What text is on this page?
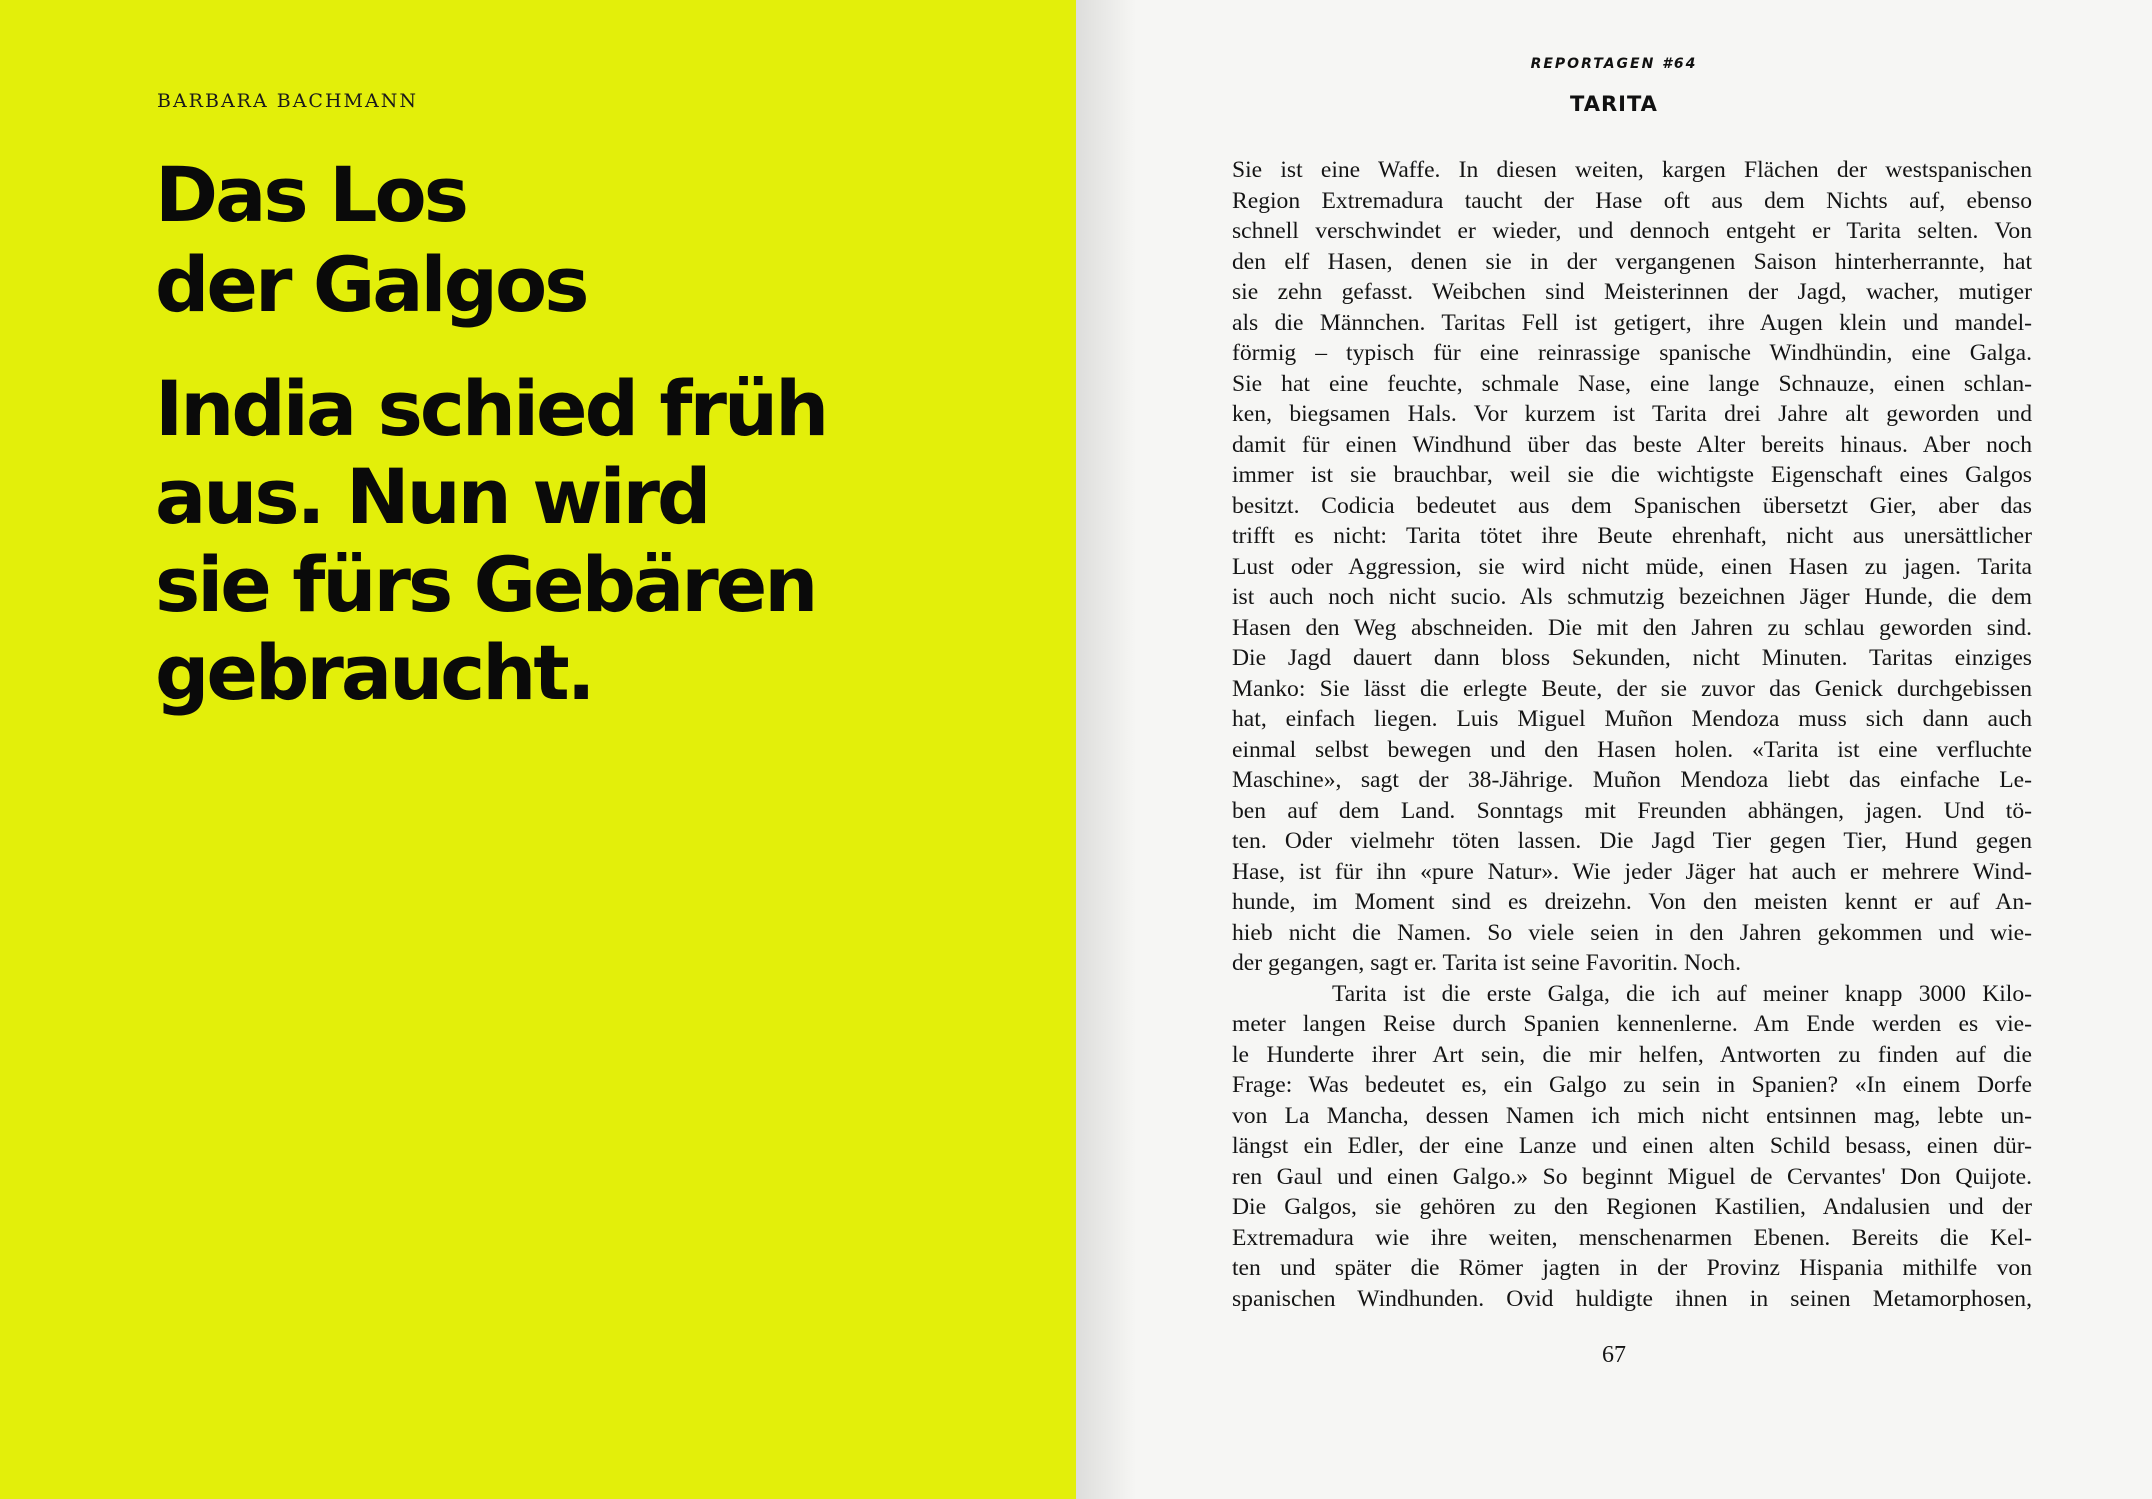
BARBARA BACHMANN

Das Los
der Galgos
India schied früh
aus. Nun wird
sie fürs Gebären
gebraucht.
REPORTAGEN #64
TARITA
Sie ist eine Waffe. In diesen weiten, kargen Flächen der westspanischen
Region Extremadura taucht der Hase oft aus dem Nichts auf, ebenso
schnell verschwindet er wieder, und dennoch entgeht er Tarita selten. Von
den elf Hasen, denen sie in der vergangenen Saison hinterherrannte, hat
sie zehn gefasst. Weibchen sind Meisterinnen der Jagd, wacher, mutiger
als die Männchen. Taritas Fell ist getigert, ihre Augen klein und mandel-
förmig – typisch für eine reinrassige spanische Windhündin, eine Galga.
Sie hat eine feuchte, schmale Nase, eine lange Schnauze, einen schlan-
ken, biegsamen Hals. Vor kurzem ist Tarita drei Jahre alt geworden und
damit für einen Windhund über das beste Alter bereits hinaus. Aber noch
immer ist sie brauchbar, weil sie die wichtigste Eigenschaft eines Galgos
besitzt. Codicia bedeutet aus dem Spanischen übersetzt Gier, aber das
trifft es nicht: Tarita tötet ihre Beute ehrenhaft, nicht aus unersättlicher
Lust oder Aggression, sie wird nicht müde, einen Hasen zu jagen. Tarita
ist auch noch nicht sucio. Als schmutzig bezeichnen Jäger Hunde, die dem
Hasen den Weg abschneiden. Die mit den Jahren zu schlau geworden sind.
Die Jagd dauert dann bloss Sekunden, nicht Minuten. Taritas einziges
Manko: Sie lässt die erlegte Beute, der sie zuvor das Genick durchgebissen
hat, einfach liegen. Luis Miguel Muñon Mendoza muss sich dann auch
einmal selbst bewegen und den Hasen holen. «Tarita ist eine verfluchte
Maschine», sagt der 38-Jährige. Muñon Mendoza liebt das einfache Le-
ben auf dem Land. Sonntags mit Freunden abhängen, jagen. Und tö-
ten. Oder vielmehr töten lassen. Die Jagd Tier gegen Tier, Hund gegen
Hase, ist für ihn «pure Natur». Wie jeder Jäger hat auch er mehrere Wind-
hunde, im Moment sind es dreizehn. Von den meisten kennt er auf An-
hieb nicht die Namen. So viele seien in den Jahren gekommen und wie-
der gegangen, sagt er. Tarita ist seine Favoritin. Noch.
Tarita ist die erste Galga, die ich auf meiner knapp 3000 Kilo-
meter langen Reise durch Spanien kennenlerne. Am Ende werden es vie-
le Hunderte ihrer Art sein, die mir helfen, Antworten zu finden auf die
Frage: Was bedeutet es, ein Galgo zu sein in Spanien? «In einem Dorfe
von La Mancha, dessen Namen ich mich nicht entsinnen mag, lebte un-
längst ein Edler, der eine Lanze und einen alten Schild besass, einen dür-
ren Gaul und einen Galgo.» So beginnt Miguel de Cervantes' Don Quijote.
Die Galgos, sie gehören zu den Regionen Kastilien, Andalusien und der
Extremadura wie ihre weiten, menschenarmen Ebenen. Bereits die Kel-
ten und später die Römer jagten in der Provinz Hispania mithilfe von
spanischen Windhunden. Ovid huldigte ihnen in seinen Metamorphosen,
67
